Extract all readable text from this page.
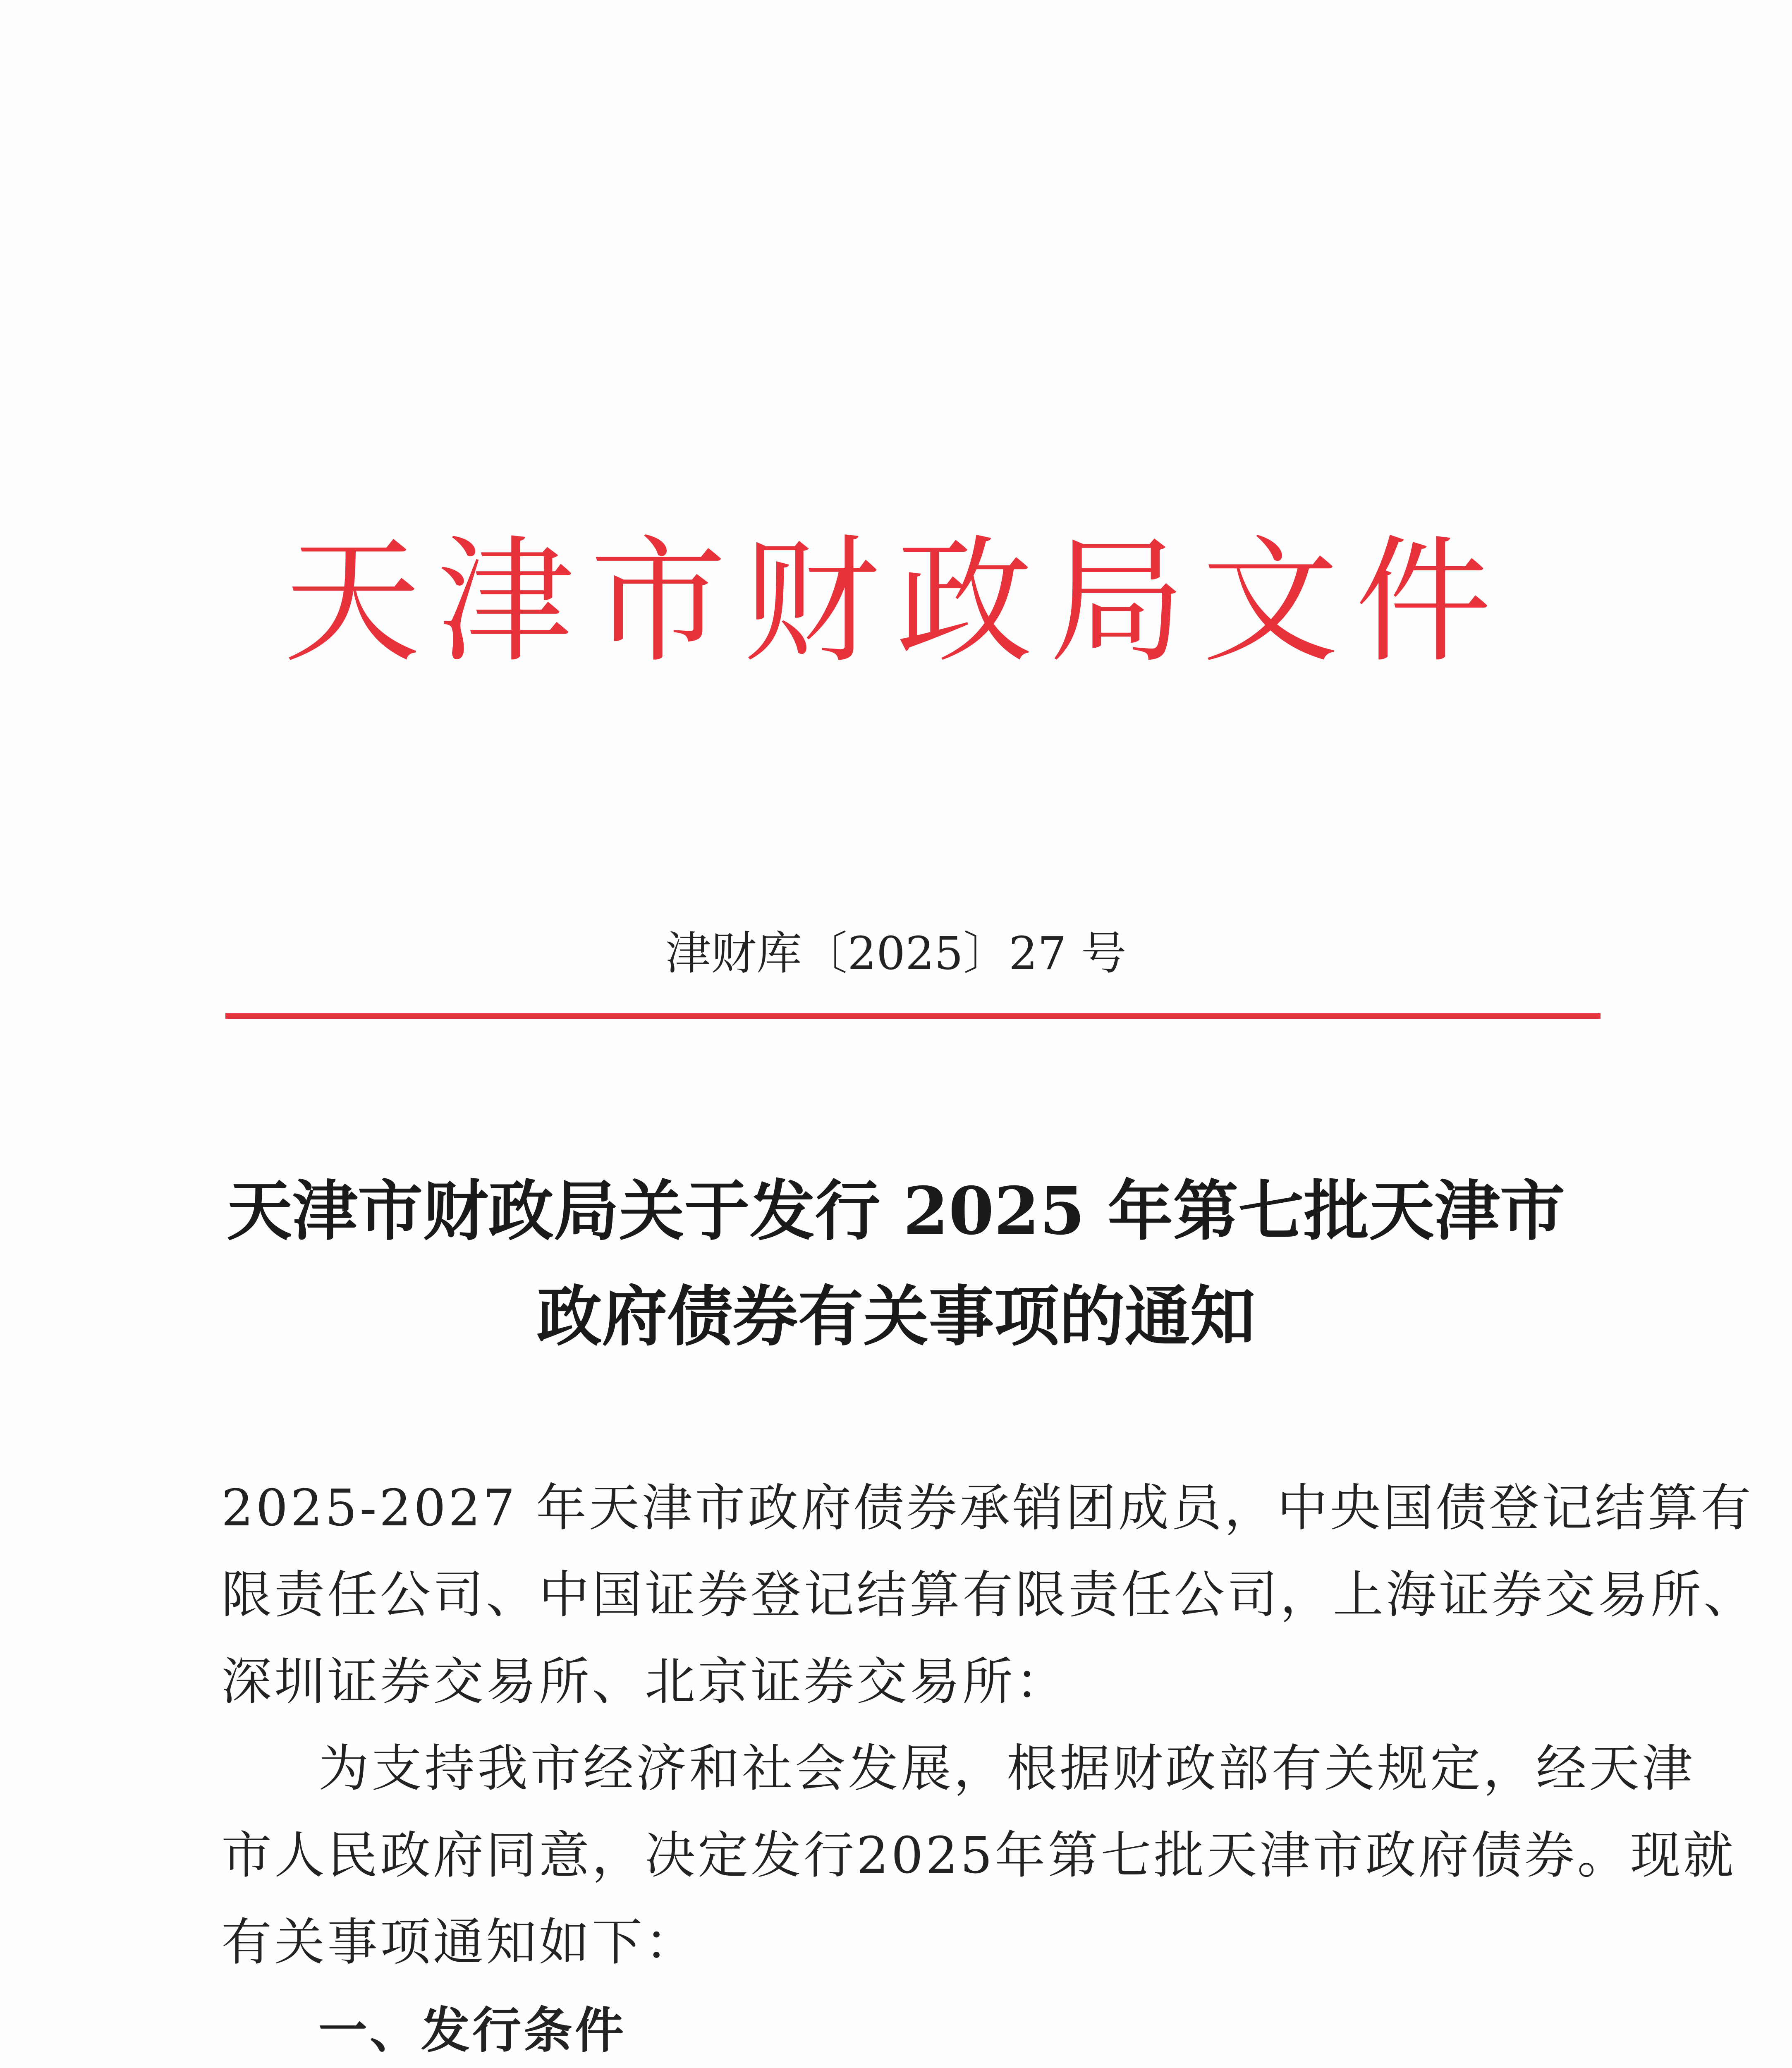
天津市财政局文件
津财库〔2025〕27 号
天津市财政局关于发行 2025 年第七批天津市
政府债券有关事项的通知
2025-2027 年天津市政府债券承销团成员，中央国债登记结算有
限责任公司、中国证券登记结算有限责任公司，上海证券交易所、
深圳证券交易所、北京证券交易所：
为支持我市经济和社会发展，根据财政部有关规定，经天津
市人民政府同意，决定发行2025年第七批天津市政府债券。现就
有关事项通知如下：
一、发行条件
